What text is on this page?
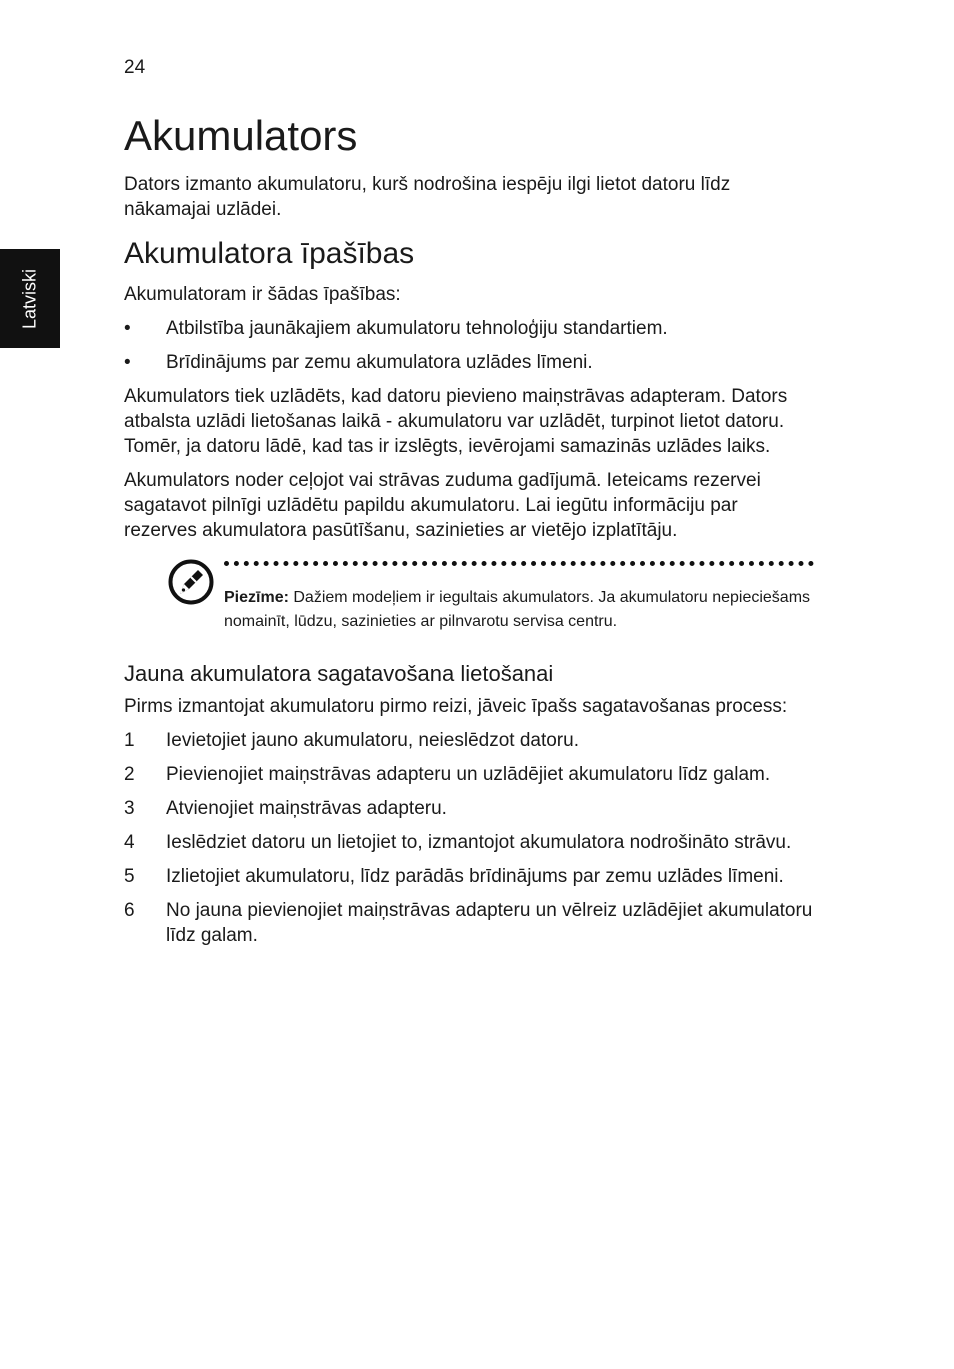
24
Latviski
Akumulators

Dators izmanto akumulatoru, kurš nodrošina iespēju ilgi lietot datoru līdz nākamajai uzlādei.

Akumulatora īpašības

Akumulatoram ir šādas īpašības:

• Atbilstība jaunākajiem akumulatoru tehnoloģiju standartiem.
• Brīdinājums par zemu akumulatora uzlādes līmeni.

Akumulators tiek uzlādēts, kad datoru pievieno maiņstrāvas adapteram. Dators atbalsta uzlādi lietošanas laikā - akumulatoru var uzlādēt, turpinot lietot datoru. Tomēr, ja datoru lādē, kad tas ir izslēgts, ievērojami samazinās uzlādes laiks.

Akumulators noder ceļojot vai strāvas zuduma gadījumā. Ieteicams rezervei sagatavot pilnīgi uzlādētu papildu akumulatoru. Lai iegūtu informāciju par rezerves akumulatora pasūtīšanu, sazinieties ar vietējo izplatītāju.

Piezīme: Dažiem modeļiem ir iegultais akumulators. Ja akumulatoru nepieciešams nomainīt, lūdzu, sazinieties ar pilnvarotu servisa centru.

Jauna akumulatora sagatavošana lietošanai

Pirms izmantojat akumulatoru pirmo reizi, jāveic īpašs sagatavošanas process:

1 Ievietojiet jauno akumulatoru, neieslēdzot datoru.
2 Pievienojiet maiņstrāvas adapteru un uzlādējiet akumulatoru līdz galam.
3 Atvienojiet maiņstrāvas adapteru.
4 Ieslēdziet datoru un lietojiet to, izmantojot akumulatora nodrošināto strāvu.
5 Izlietojiet akumulatoru, līdz parādās brīdinājums par zemu uzlādes līmeni.
6 No jauna pievienojiet maiņstrāvas adapteru un vēlreiz uzlādējiet akumulatoru līdz galam.
